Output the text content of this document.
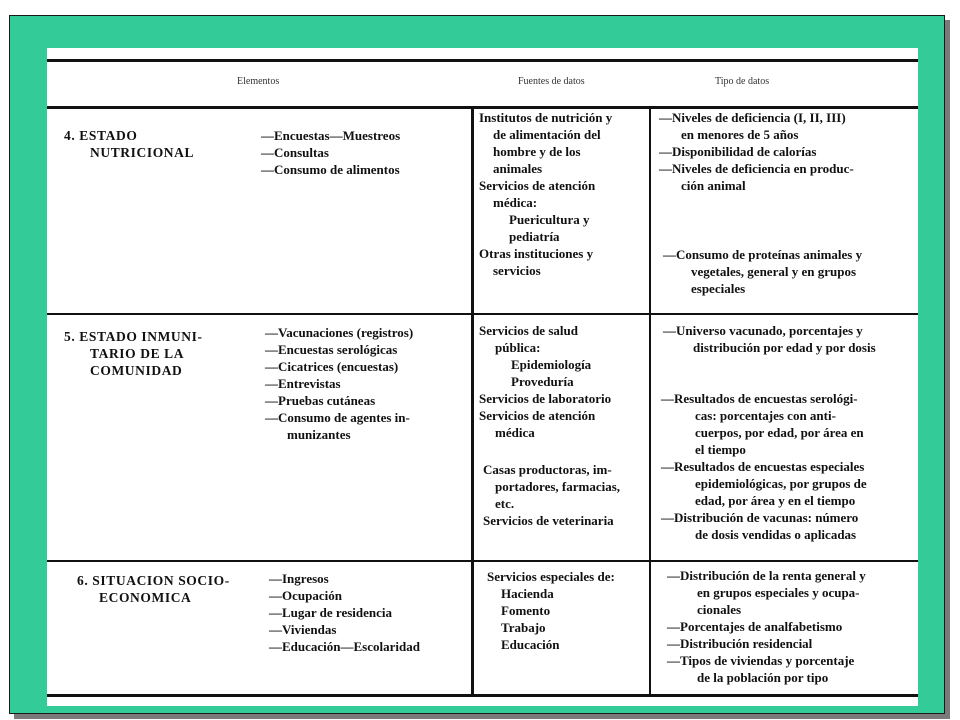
Elementos	Fuentes de datos	Tipo de datos
4. ESTADO
NUTRICIONAL
—Encuestas—Muestreos
—Consultas
—Consumo de alimentos
Institutos de nutrición y
de alimentación del
hombre y de los
animales
Servicios de atención
médica:
Puericultura y
pediatría
Otras instituciones y
servicios
—Niveles de deficiencia (I, II, III)
en menores de 5 años
—Disponibilidad de calorías
—Niveles de deficiencia en produc-
ción animal
—Consumo de proteínas animales y
vegetales, general y en grupos
especiales
5. ESTADO INMUNI-
TARIO DE LA
COMUNIDAD
—Vacunaciones (registros)
—Encuestas serológicas
—Cicatrices (encuestas)
—Entrevistas
—Pruebas cutáneas
—Consumo de agentes in-
munizantes
Servicios de salud
pública:
Epidemiología
Proveduría
Servicios de laboratorio
Servicios de atención
médica
Casas productoras, im-
portadores, farmacias,
etc.
Servicios de veterinaria
—Universo vacunado, porcentajes y
distribución por edad y por dosis
—Resultados de encuestas serológi-
cas: porcentajes con anti-
cuerpos, por edad, por área en
el tiempo
—Resultados de encuestas especiales
epidemiológicas, por grupos de
edad, por área y en el tiempo
—Distribución de vacunas: número
de dosis vendidas o aplicadas
6. SITUACION SOCIO-
ECONOMICA
—Ingresos
—Ocupación
—Lugar de residencia
—Viviendas
—Educación—Escolaridad
Servicios especiales de:
Hacienda
Fomento
Trabajo
Educación
—Distribución de la renta general y
en grupos especiales y ocupa-
cionales
—Porcentajes de analfabetismo
—Distribución residencial
—Tipos de viviendas y porcentaje
de la población por tipo
